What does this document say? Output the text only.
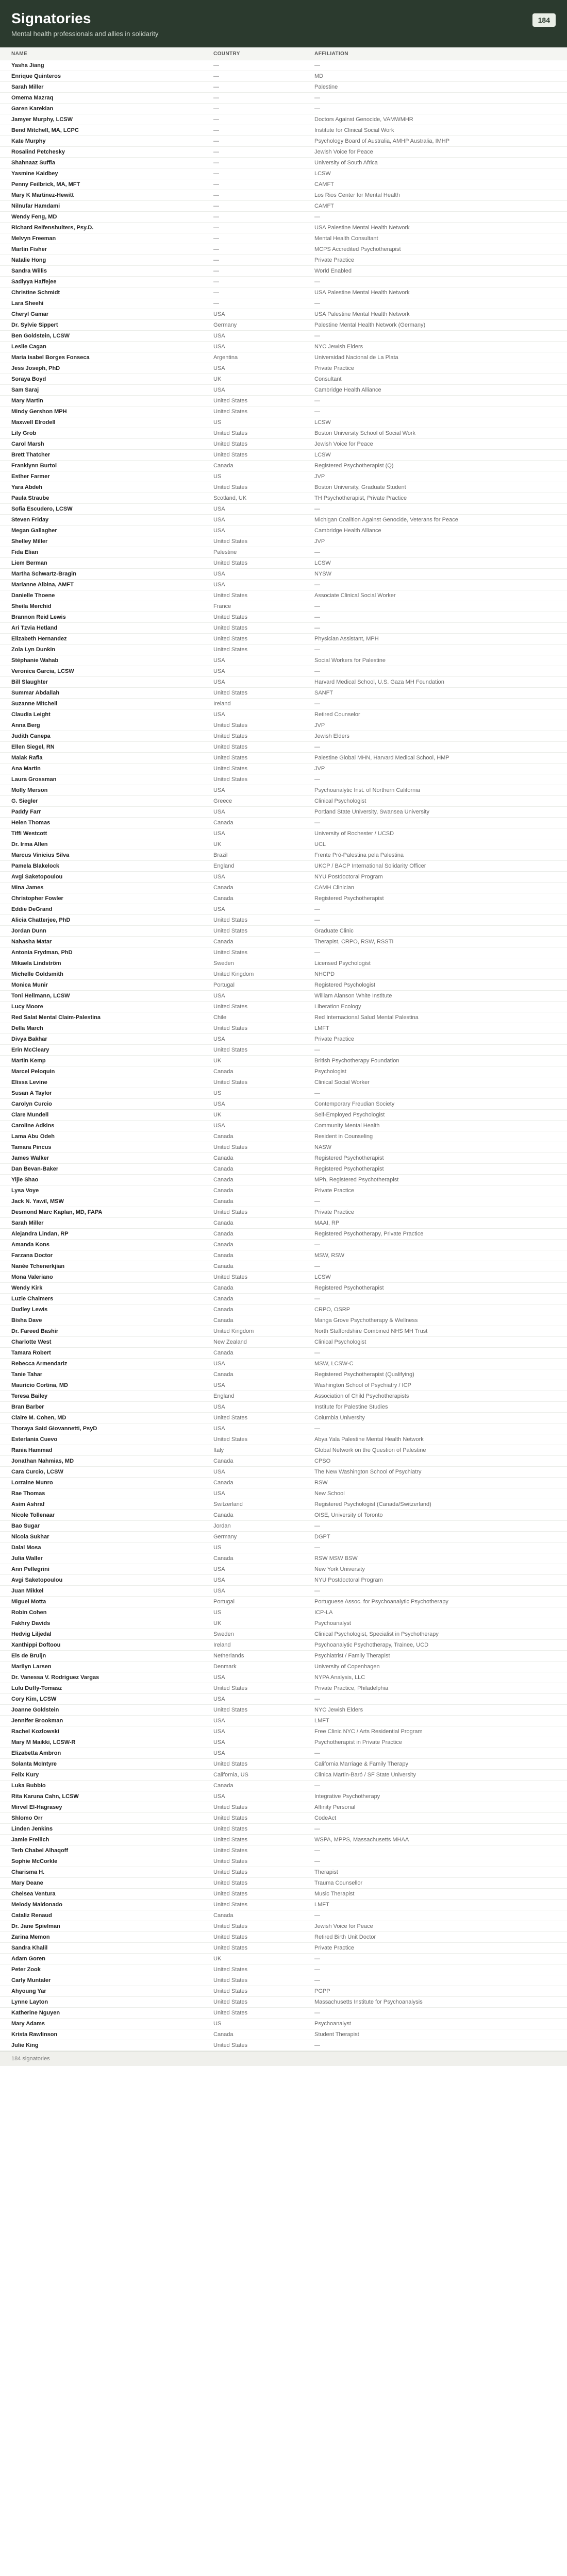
Signatories
Mental health professionals and allies in solidarity
184
NAME	COUNTRY	AFFILIATION
Yasha Jiang	—	—
Enrique Quinteros	—	MD
Sarah Miller	—	Palestine
Omema Mazraq	—	—
Garen Karekian	—	—
Jamyer Murphy, LCSW	—	Doctors Against Genocide, VAMWMHR
Bend Mitchell, MA, LCPC	—	Institute for Clinical Social Work
Kate Murphy	—	Psychology Board of Australia, AMHP Australia, IMHP
Rosalind Petchesky	—	Jewish Voice for Peace
Shahnaaz Suffla	—	University of South Africa
Yasmine Kaidbey	—	LCSW
Penny Feilbrick, MA, MFT	—	CAMFT
Mary K Martinez-Hewitt	—	Los Rios Center for Mental Health
Nilnufar Hamdami	—	CAMFT
Wendy Feng, MD	—	—
Richard Reifenshulters, Psy.D.	—	USA Palestine Mental Health Network
Melvyn Freeman	—	Mental Health Consultant
Martin Fisher	—	MCPS Accredited Psychotherapist
Natalie Hong	—	Private Practice
Sandra Willis	—	World Enabled
Sadiyya Haffejee	—	—
Christine Schmidt	—	USA Palestine Mental Health Network
Lara Sheehi	—	—
Cheryl Gamar	USA	USA Palestine Mental Health Network
Dr. Sylvie Sippert	Germany	Palestine Mental Health Network (Germany)
Ben Goldstein, LCSW	USA	—
Leslie Cagan	USA	NYC Jewish Elders
Maria Isabel Borges Fonseca	Argentina	Universidad Nacional de La Plata
Jess Joseph, PhD	USA	Private Practice
Soraya Boyd	UK	Consultant
Sam Saraj	USA	Cambridge Health Alliance
Mary Martin	United States	—
Mindy Gershon MPH	United States	—
Maxwell Elrodell	US	LCSW
Lily Grob	United States	Boston University School of Social Work
Carol Marsh	United States	Jewish Voice for Peace
Brett Thatcher	United States	LCSW
Franklynn Burtol	Canada	Registered Psychotherapist (Q)
Esther Farmer	US	JVP
Yara Abdeh	United States	Boston University, Graduate Student
Paula Straube	Scotland, UK	TH Psychotherapist, Private Practice
Sofia Escudero, LCSW	USA	—
Steven Friday	USA	Michigan Coalition Against Genocide, Veterans for Peace
Megan Gallagher	USA	Cambridge Health Alliance
Shelley Miller	United States	JVP
Fida Elian	Palestine	—
Liem Berman	United States	LCSW
Martha Schwartz-Bragin	USA	NYSW
Marianne Albina, AMFT	USA	—
Danielle Thoene	United States	Associate Clinical Social Worker
Sheila Merchid	France	—
Brannon Reid Lewis	United States	—
Ari Tzvia Hetland	United States	—
Elizabeth Hernandez	United States	Physician Assistant, MPH
Zola Lyn Dunkin	United States	—
Stéphanie Wahab	USA	Social Workers for Palestine
Veronica Garcia, LCSW	USA	—
Bill Slaughter	USA	Harvard Medical School, U.S. Gaza MH Foundation
Summar Abdallah	United States	SANFT
Suzanne Mitchell	Ireland	—
Claudia Leight	USA	Retired Counselor
Anna Berg	United States	JVP
Judith Canepa	United States	Jewish Elders
Ellen Siegel, RN	United States	—
Malak Rafla	United States	Palestine Global MHN, Harvard Medical School, HMP
Ana Martin	United States	JVP
Laura Grossman	United States	—
Molly Merson	USA	Psychoanalytic Inst. of Northern California
G. Siegler	Greece	Clinical Psychologist
Paddy Farr	USA	Portland State University, Swansea University
Helen Thomas	Canada	—
Tiffi Westcott	USA	University of Rochester / UCSD
Dr. Irma Allen	UK	UCL
Marcus Vinicius Silva	Brazil	Frente Pró-Palestina pela Palestina
Pamela Blakelock	England	UKCP / BACP International Solidarity Officer
Avgi Saketopoulou	USA	NYU Postdoctoral Program
Mina James	Canada	CAMH Clinician
Christopher Fowler	Canada	Registered Psychotherapist
Eddie DeGrand	USA	—
Alicia Chatterjee, PhD	United States	—
Jordan Dunn	United States	Graduate Clinic
Nahasha Matar	Canada	Therapist, CRPO, RSW, RSSTI
Antonia Frydman, PhD	United States	—
Mikaela Lindström	Sweden	Licensed Psychologist
Michelle Goldsmith	United Kingdom	NHCPD
Monica Munir	Portugal	Registered Psychologist
Toni Hellmann, LCSW	USA	William Alanson White Institute
Lucy Moore	United States	Liberation Ecology
Red Salat Mental Claim-Palestina	Chile	Red Internacional Salud Mental Palestina
Della March	United States	LMFT
Divya Bakhar	USA	Private Practice
Erin McCleary	United States	—
Martin Kemp	UK	British Psychotherapy Foundation
Marcel Peloquin	Canada	Psychologist
Elissa Levine	United States	Clinical Social Worker
Susan A Taylor	US	—
Carolyn Curcio	USA	Contemporary Freudian Society
Clare Mundell	UK	Self-Employed Psychologist
Caroline Adkins	USA	Community Mental Health
Lama Abu Odeh	Canada	Resident in Counseling
Tamara Pincus	United States	NASW
James Walker	Canada	Registered Psychotherapist
Dan Bevan-Baker	Canada	Registered Psychotherapist
Yijie Shao	Canada	MPh, Registered Psychotherapist
Lysa Voye	Canada	Private Practice
Jack N. Yawil, MSW	Canada	—
Desmond Marc Kaplan, MD, FAPA	United States	Private Practice
Sarah Miller	Canada	MAAI, RP
Alejandra Lindan, RP	Canada	Registered Psychotherapy, Private Practice
Amanda Kons	Canada	—
Farzana Doctor	Canada	MSW, RSW
Nanée Tchenerkjian	Canada	—
Mona Valeriano	United States	LCSW
Wendy Kirk	Canada	Registered Psychotherapist
Luzie Chalmers	Canada	—
Dudley Lewis	Canada	CRPO, OSRP
Bisha Dave	Canada	Manga Grove Psychotherapy & Wellness
Dr. Fareed Bashir	United Kingdom	North Staffordshire Combined NHS MH Trust
Charlotte West	New Zealand	Clinical Psychologist
Tamara Robert	Canada	—
Rebecca Armendariz	USA	MSW, LCSW-C
Tanie Tahar	Canada	Registered Psychotherapist (Qualifying)
Mauricio Cortina, MD	USA	Washington School of Psychiatry / ICP
Teresa Bailey	England	Association of Child Psychotherapists
Bran Barber	USA	Institute for Palestine Studies
Claire M. Cohen, MD	United States	Columbia University
Thoraya Said Giovannetti, PsyD	USA	—
Esterlania Cuevo	United States	Abya Yala Palestine Mental Health Network
Rania Hammad	Italy	Global Network on the Question of Palestine
Jonathan Nahmias, MD	Canada	CPSO
Cara Curcio, LCSW	USA	The New Washington School of Psychiatry
Lorraine Munro	Canada	RSW
Rae Thomas	USA	New School
Asim Ashraf	Switzerland	Registered Psychologist (Canada/Switzerland)
Nicole Tollenaar	Canada	OISE, University of Toronto
Bao Sugar	Jordan	—
Nicola Sukhar	Germany	DGPT
Dalal Mosa	US	—
Julia Waller	Canada	RSW MSW BSW
Ann Pellegrini	USA	New York University
Avgi Saketopoulou	USA	NYU Postdoctoral Program
Juan Mikkel	USA	—
Miguel Motta	Portugal	Portuguese Assoc. for Psychoanalytic Psychotherapy
Robin Cohen	US	ICP-LA
Fakhry Davids	UK	Psychoanalyst
Hedvig Liljedal	Sweden	Clinical Psychologist, Specialist in Psychotherapy
Xanthippi Doftoou	Ireland	Psychoanalytic Psychotherapy, Trainee, UCD
Els de Bruijn	Netherlands	Psychiatrist / Family Therapist
Marilyn Larsen	Denmark	University of Copenhagen
Dr. Vanessa V. Rodriguez Vargas	USA	NYPA Analysis, LLC
Lulu Duffy-Tomasz	United States	Private Practice, Philadelphia
Cory Kim, LCSW	USA	—
Joanne Goldstein	United States	NYC Jewish Elders
Jennifer Brookman	USA	LMFT
Rachel Kozlowski	USA	Free Clinic NYC / Arts Residential Program
Mary M Maikki, LCSW-R	USA	Psychotherapist in Private Practice
Elizabetta Ambron	USA	—
Solanta McIntyre	United States	California Marriage & Family Therapy
Felix Kury	California, US	Clinica Martin-Baró / SF State University
Luka Bubbio	Canada	—
Rita Karuna Cahn, LCSW	USA	Integrative Psychotherapy
Mirvel El-Hagrasey	United States	Affinity Personal
Shlomo Orr	United States	CodeAct
Linden Jenkins	United States	—
Jamie Freilich	United States	WSPA, MPPS, Massachusetts MHAA
Terb Chabel Alhaqoff	United States	—
Sophie McCorkle	United States	—
Charisma H.	United States	Therapist
Mary Deane	United States	Trauma Counsellor
Chelsea Ventura	United States	Music Therapist
Melody Maldonado	United States	LMFT
Cataliz Renaud	Canada	—
Dr. Jane Spielman	United States	Jewish Voice for Peace
Zarina Memon	United States	Retired Birth Unit Doctor
Sandra Khalil	United States	Private Practice
Adam Goren	UK	—
Peter Zook	United States	—
Carly Muntaler	United States	—
Ahyoung Yar	United States	PGPP
Lynne Layton	United States	Massachusetts Institute for Psychoanalysis
Katherine Nguyen	United States	—
Mary Adams	US	Psychoanalyst
Krista Rawlinson	Canada	Student Therapist
Julie King	United States	—
184 signatories
